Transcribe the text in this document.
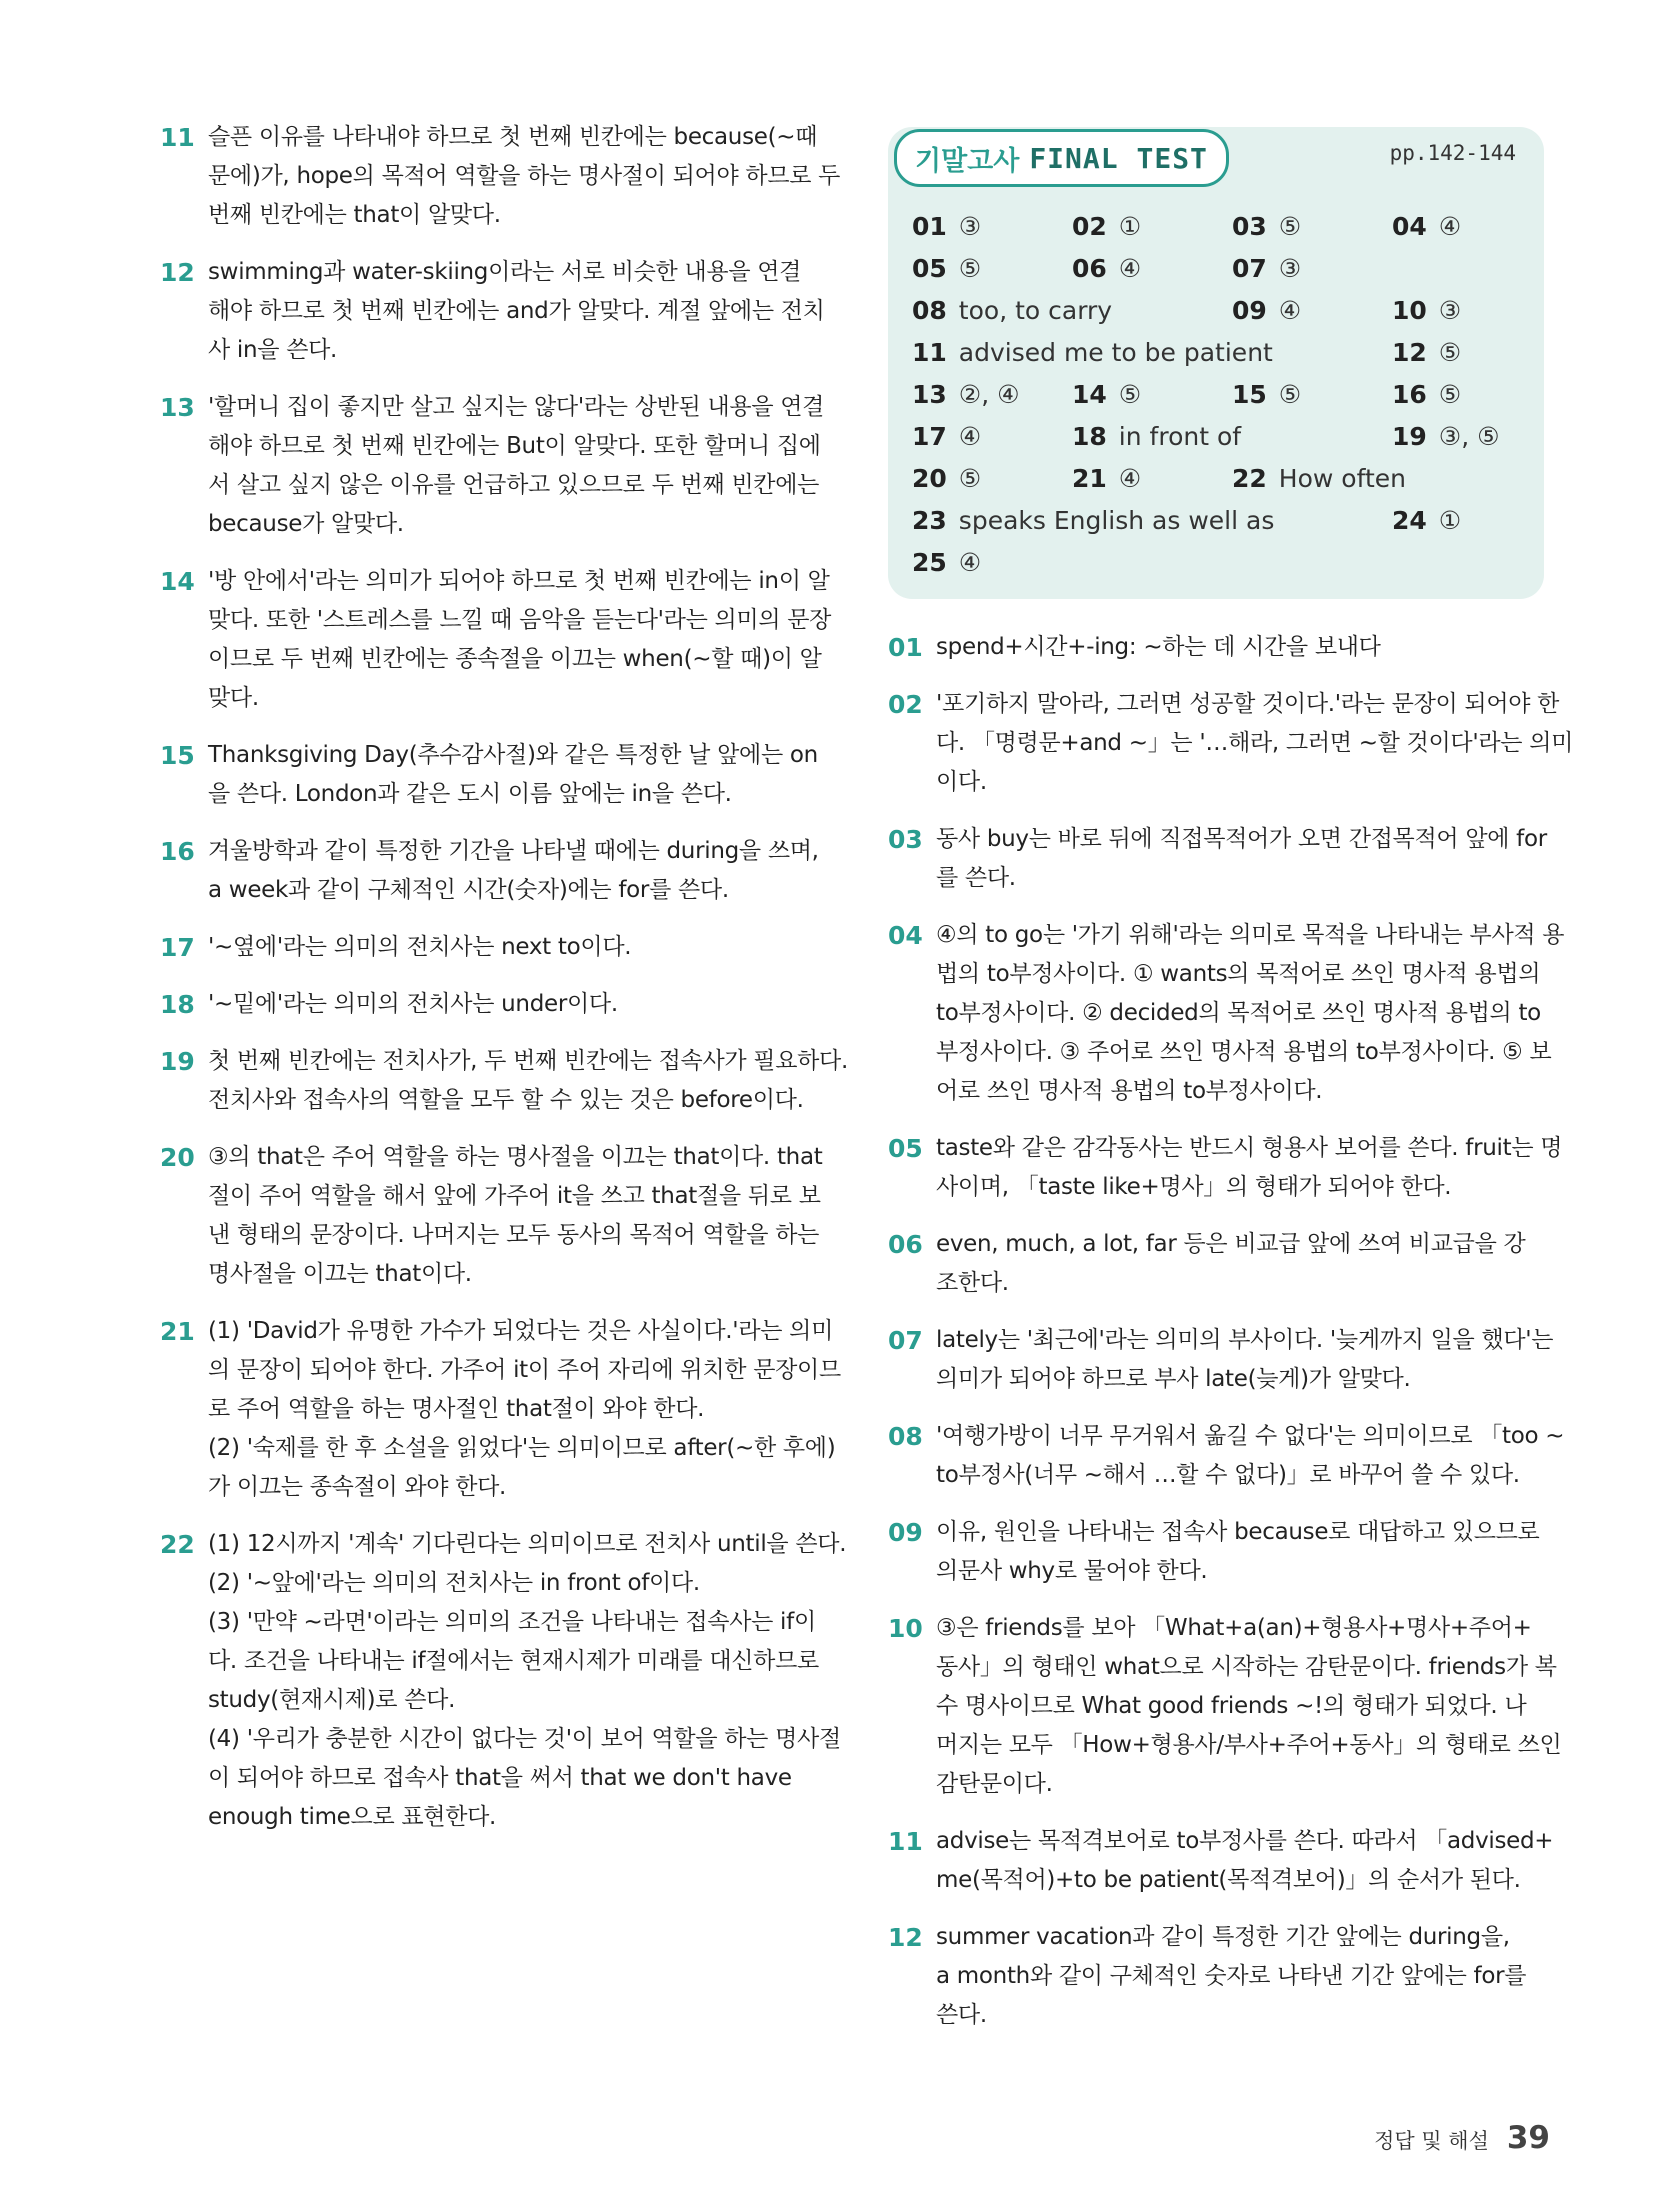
11 슬픈 이유를 나타내야 하므로 첫 번째 빈칸에는 because(~때
문에)가, hope의 목적어 역할을 하는 명사절이 되어야 하므로 두
번째 빈칸에는 that이 알맞다.
12 swimming과 water-skiing이라는 서로 비슷한 내용을 연결
해야 하므로 첫 번째 빈칸에는 and가 알맞다. 계절 앞에는 전치
사 in을 쓴다.
13 '할머니 집이 좋지만 살고 싶지는 않다'라는 상반된 내용을 연결
해야 하므로 첫 번째 빈칸에는 But이 알맞다. 또한 할머니 집에
서 살고 싶지 않은 이유를 언급하고 있으므로 두 번째 빈칸에는
because가 알맞다.
14 '방 안에서'라는 의미가 되어야 하므로 첫 번째 빈칸에는 in이 알
맞다. 또한 '스트레스를 느낄 때 음악을 듣는다'라는 의미의 문장
이므로 두 번째 빈칸에는 종속절을 이끄는 when(~할 때)이 알
맞다.
15 Thanksgiving Day(추수감사절)와 같은 특정한 날 앞에는 on
을 쓴다. London과 같은 도시 이름 앞에는 in을 쓴다.
16 겨울방학과 같이 특정한 기간을 나타낼 때에는 during을 쓰며,
a week과 같이 구체적인 시간(숫자)에는 for를 쓴다.
17 '~옆에'라는 의미의 전치사는 next to이다.
18 '~밑에'라는 의미의 전치사는 under이다.
19 첫 번째 빈칸에는 전치사가, 두 번째 빈칸에는 접속사가 필요하다.
전치사와 접속사의 역할을 모두 할 수 있는 것은 before이다.
20 ③의 that은 주어 역할을 하는 명사절을 이끄는 that이다. that
절이 주어 역할을 해서 앞에 가주어 it을 쓰고 that절을 뒤로 보
낸 형태의 문장이다. 나머지는 모두 동사의 목적어 역할을 하는
명사절을 이끄는 that이다.
21 (1) 'David가 유명한 가수가 되었다는 것은 사실이다.'라는 의미
의 문장이 되어야 한다. 가주어 it이 주어 자리에 위치한 문장이므
로 주어 역할을 하는 명사절인 that절이 와야 한다.
(2) '숙제를 한 후 소설을 읽었다'는 의미이므로 after(~한 후에)
가 이끄는 종속절이 와야 한다.
22 (1) 12시까지 '계속' 기다린다는 의미이므로 전치사 until을 쓴다.
(2) '~앞에'라는 의미의 전치사는 in front of이다.
(3) '만약 ~라면'이라는 의미의 조건을 나타내는 접속사는 if이
다. 조건을 나타내는 if절에서는 현재시제가 미래를 대신하므로
study(현재시제)로 쓴다.
(4) '우리가 충분한 시간이 없다는 것'이 보어 역할을 하는 명사절
이 되어야 하므로 접속사 that을 써서 that we don't have
enough time으로 표현한다.
기말고사 FINAL TEST	pp.142-144
01 ③	02 ①	03 ⑤	04 ④
05 ⑤	06 ④	07 ③
08 too, to carry	09 ④	10 ③
11 advised me to be patient	12 ⑤
13 ②, ④ 14 ⑤	15 ⑤	16 ⑤
17 ④	18 in front of	19 ③, ⑤
20 ⑤	21 ④	22 How often
23 speaks English as well as	24 ①
25 ④
01 spend+시간+-ing: ~하는 데 시간을 보내다
02 '포기하지 말아라, 그러면 성공할 것이다.'라는 문장이 되어야 한
다. 「명령문+and ~」는 '…해라, 그러면 ~할 것이다'라는 의미
이다.
03 동사 buy는 바로 뒤에 직접목적어가 오면 간접목적어 앞에 for
를 쓴다.
04 ④의 to go는 '가기 위해'라는 의미로 목적을 나타내는 부사적 용
법의 to부정사이다. ① wants의 목적어로 쓰인 명사적 용법의
to부정사이다. ② decided의 목적어로 쓰인 명사적 용법의 to
부정사이다. ③ 주어로 쓰인 명사적 용법의 to부정사이다. ⑤ 보
어로 쓰인 명사적 용법의 to부정사이다.
05 taste와 같은 감각동사는 반드시 형용사 보어를 쓴다. fruit는 명
사이며, 「taste like+명사」의 형태가 되어야 한다.
06 even, much, a lot, far 등은 비교급 앞에 쓰여 비교급을 강
조한다.
07 lately는 '최근에'라는 의미의 부사이다. '늦게까지 일을 했다'는
의미가 되어야 하므로 부사 late(늦게)가 알맞다.
08 '여행가방이 너무 무거워서 옮길 수 없다'는 의미이므로 「too ~
to부정사(너무 ~해서 …할 수 없다)」로 바꾸어 쓸 수 있다.
09 이유, 원인을 나타내는 접속사 because로 대답하고 있으므로
의문사 why로 물어야 한다.
10 ③은 friends를 보아 「What+a(an)+형용사+명사+주어+
동사」의 형태인 what으로 시작하는 감탄문이다. friends가 복
수 명사이므로 What good friends ~!의 형태가 되었다. 나
머지는 모두 「How+형용사/부사+주어+동사」의 형태로 쓰인
감탄문이다.
11 advise는 목적격보어로 to부정사를 쓴다. 따라서 「advised+
me(목적어)+to be patient(목적격보어)」의 순서가 된다.
12 summer vacation과 같이 특정한 기간 앞에는 during을,
a month와 같이 구체적인 숫자로 나타낸 기간 앞에는 for를
쓴다.
정답 및 해설 39
